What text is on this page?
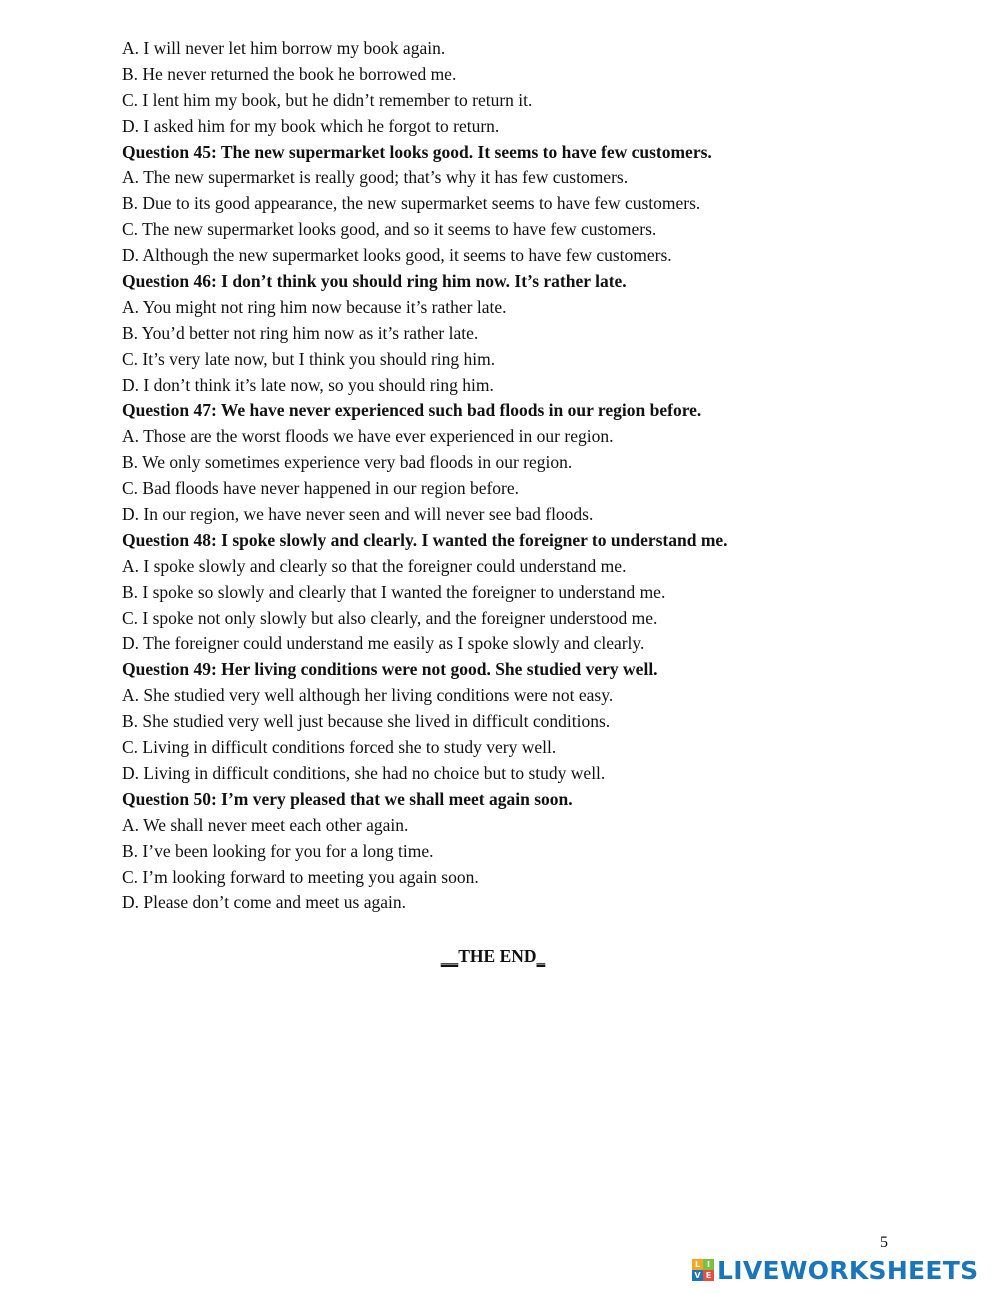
A. I will never let him borrow my book again.
B. He never returned the book he borrowed me.
C. I lent him my book, but he didn’t remember to return it.
D. I asked him for my book which he forgot to return.
Question 45: The new supermarket looks good. It seems to have few customers.
A. The new supermarket is really good; that’s why it has few customers.
B. Due to its good appearance, the new supermarket seems to have few customers.
C. The new supermarket looks good, and so it seems to have few customers.
D. Although the new supermarket looks good, it seems to have few customers.
Question 46: I don’t think you should ring him now. It’s rather late.
A. You might not ring him now because it’s rather late.
B. You’d better not ring him now as it’s rather late.
C. It’s very late now, but I think you should ring him.
D. I don’t think it’s late now, so you should ring him.
Question 47: We have never experienced such bad floods in our region before.
A. Those are the worst floods we have ever experienced in our region.
B. We only sometimes experience very bad floods in our region.
C. Bad floods have never happened in our region before.
D. In our region, we have never seen and will never see bad floods.
Question 48: I spoke slowly and clearly. I wanted the foreigner to understand me.
A. I spoke slowly and clearly so that the foreigner could understand me.
B. I spoke so slowly and clearly that I wanted the foreigner to understand me.
C. I spoke not only slowly but also clearly, and the foreigner understood me.
D. The foreigner could understand me easily as I spoke slowly and clearly.
Question 49: Her living conditions were not good. She studied very well.
A. She studied very well although her living conditions were not easy.
B. She studied very well just because she lived in difficult conditions.
C. Living in difficult conditions forced she to study very well.
D. Living in difficult conditions, she had no choice but to study well.
Question 50: I’m very pleased that we shall meet again soon.
A. We shall never meet each other again.
B. I’ve been looking for you for a long time.
C. I’m looking forward to meeting you again soon.
D. Please don’t come and meet us again.
__THE END_
5
L I
V E LIVEWORKSHEETS
